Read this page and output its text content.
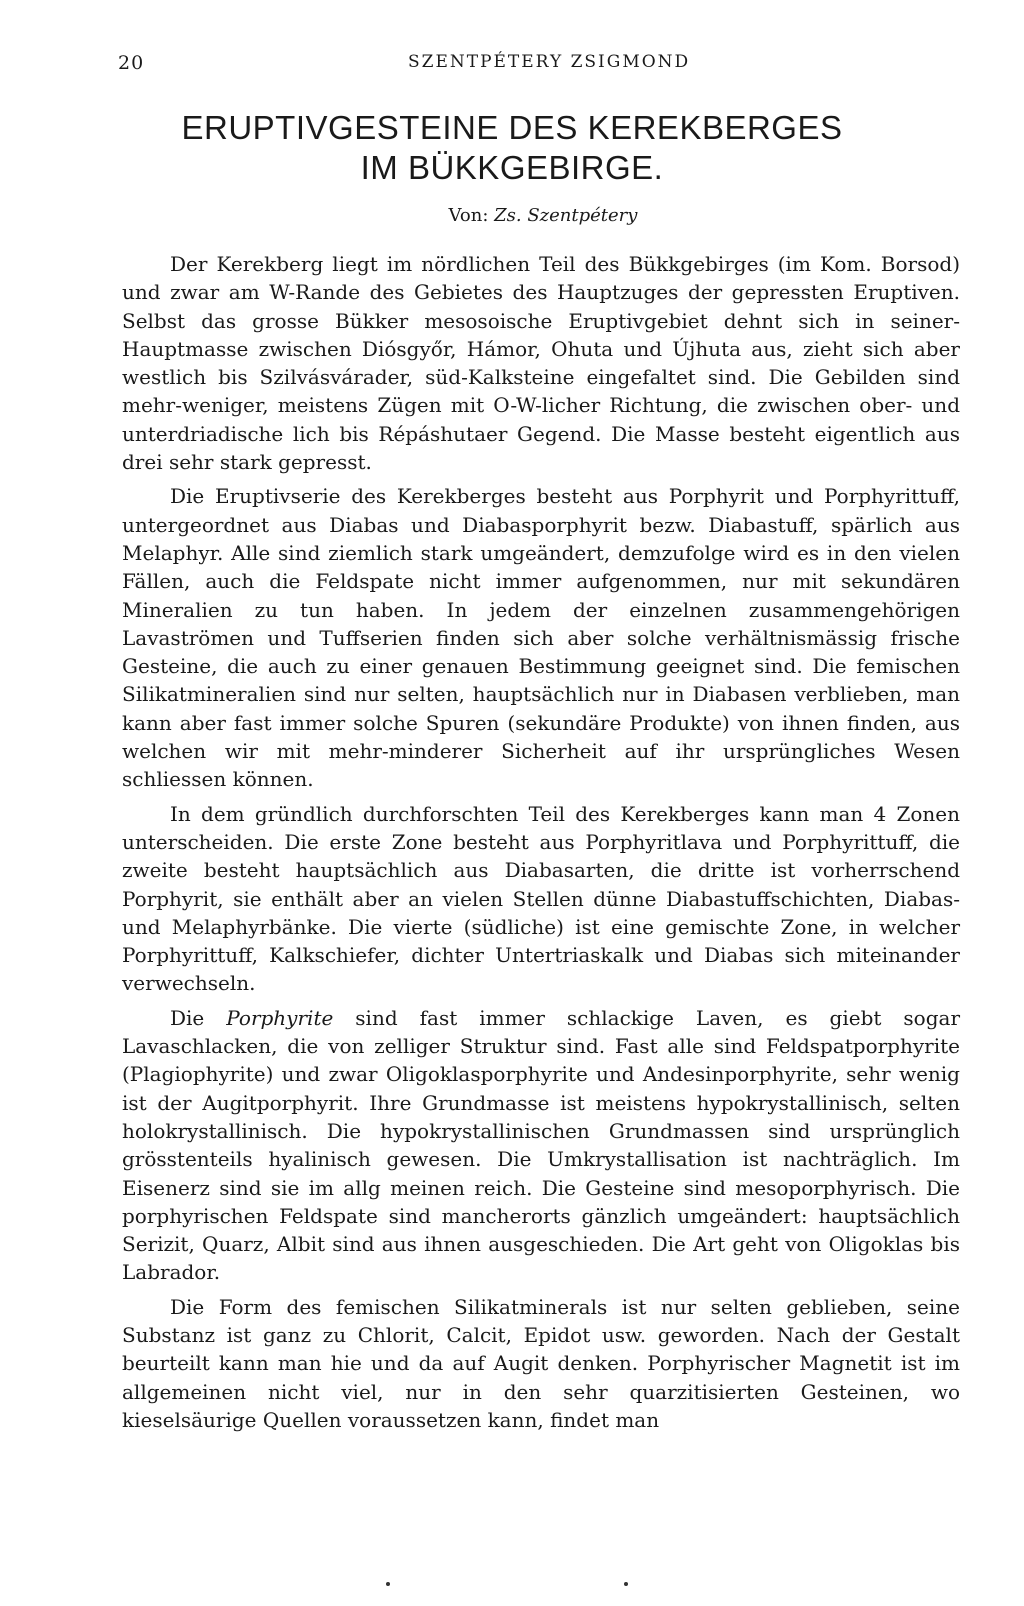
20	SZENTPÉTERY ZSIGMOND
ERUPTIVGESTEINE DES KEREKBERGES
IM BÜKKGEBIRGE.
Von: Zs. Szentpétery

Der Kerekberg liegt im nördlichen Teil des Bükkgebirges (im Kom. Borsod) und zwar am W-Rande des Gebietes des Hauptzuges der gepressten Eruptiven. Selbst das grosse Bükker mesosoische Eruptivgebiet dehnt sich in seiner-Hauptmasse zwischen Diósgyőr, Hámor, Ohuta und Újhuta aus, zieht sich aber westlich bis Szilvásvárader, süd-Kalksteine eingefaltet sind. Die Gebilden sind mehr-weniger, meistens Zügen mit O-W-licher Richtung, die zwischen ober- und unterdriadische lich bis Répáshutaer Gegend. Die Masse besteht eigentlich aus drei sehr stark gepresst.

Die Eruptivserie des Kerekberges besteht aus Porphyrit und Porphyrittuff, untergeordnet aus Diabas und Diabasporphyrit bezw. Diabastuff, spärlich aus Melaphyr. Alle sind ziemlich stark umgeändert, demzufolge wird es in den vielen Fällen, auch die Feldspate nicht immer aufgenommen, nur mit sekundären Mineralien zu tun haben. In jedem der einzelnen zusammengehörigen Lavaströmen und Tuffserien finden sich aber solche verhältnismässig frische Gesteine, die auch zu einer genauen Bestimmung geeignet sind. Die femischen Silikatmineralien sind nur selten, hauptsächlich nur in Diabasen verblieben, man kann aber fast immer solche Spuren (sekundäre Produkte) von ihnen finden, aus welchen wir mit mehr-minderer Sicherheit auf ihr ursprüngliches Wesen schliessen können.

In dem gründlich durchforschten Teil des Kerekberges kann man 4 Zonen unterscheiden. Die erste Zone besteht aus Porphyritlava und Porphyrittuff, die zweite besteht hauptsächlich aus Diabasarten, die dritte ist vorherrschend Porphyrit, sie enthält aber an vielen Stellen dünne Diabastuffschichten, Diabas- und Melaphyrbänke. Die vierte (südliche) ist eine gemischte Zone, in welcher Porphyrittuff, Kalkschiefer, dichter Untertriaskalk und Diabas sich miteinander verwechseln.

Die Porphyrite sind fast immer schlackige Laven, es giebt sogar Lavaschlacken, die von zelliger Struktur sind. Fast alle sind Feldspatporphyrite (Plagiophyrite) und zwar Oligoklasporphyrite und Andesinporphyrite, sehr wenig ist der Augitporphyrit. Ihre Grundmasse ist meistens hypokrystallinisch, selten holokrystallinisch. Die hypokrystallinischen Grundmassen sind ursprünglich grösstenteils hyalinisch gewesen. Die Umkrystallisation ist nachträglich. Im Eisenerz sind sie im allg meinen reich. Die Gesteine sind mesoporphyrisch. Die porphyrischen Feldspate sind mancherorts gänzlich umgeändert: hauptsächlich Serizit, Quarz, Albit sind aus ihnen ausgeschieden. Die Art geht von Oligoklas bis Labrador.

Die Form des femischen Silikatminerals ist nur selten geblieben, seine Substanz ist ganz zu Chlorit, Calcit, Epidot usw. geworden. Nach der Gestalt beurteilt kann man hie und da auf Augit denken. Porphyrischer Magnetit ist im allgemeinen nicht viel, nur in den sehr quarzitisierten Gesteinen, wo kieselsäurige Quellen voraussetzen kann, findet man
